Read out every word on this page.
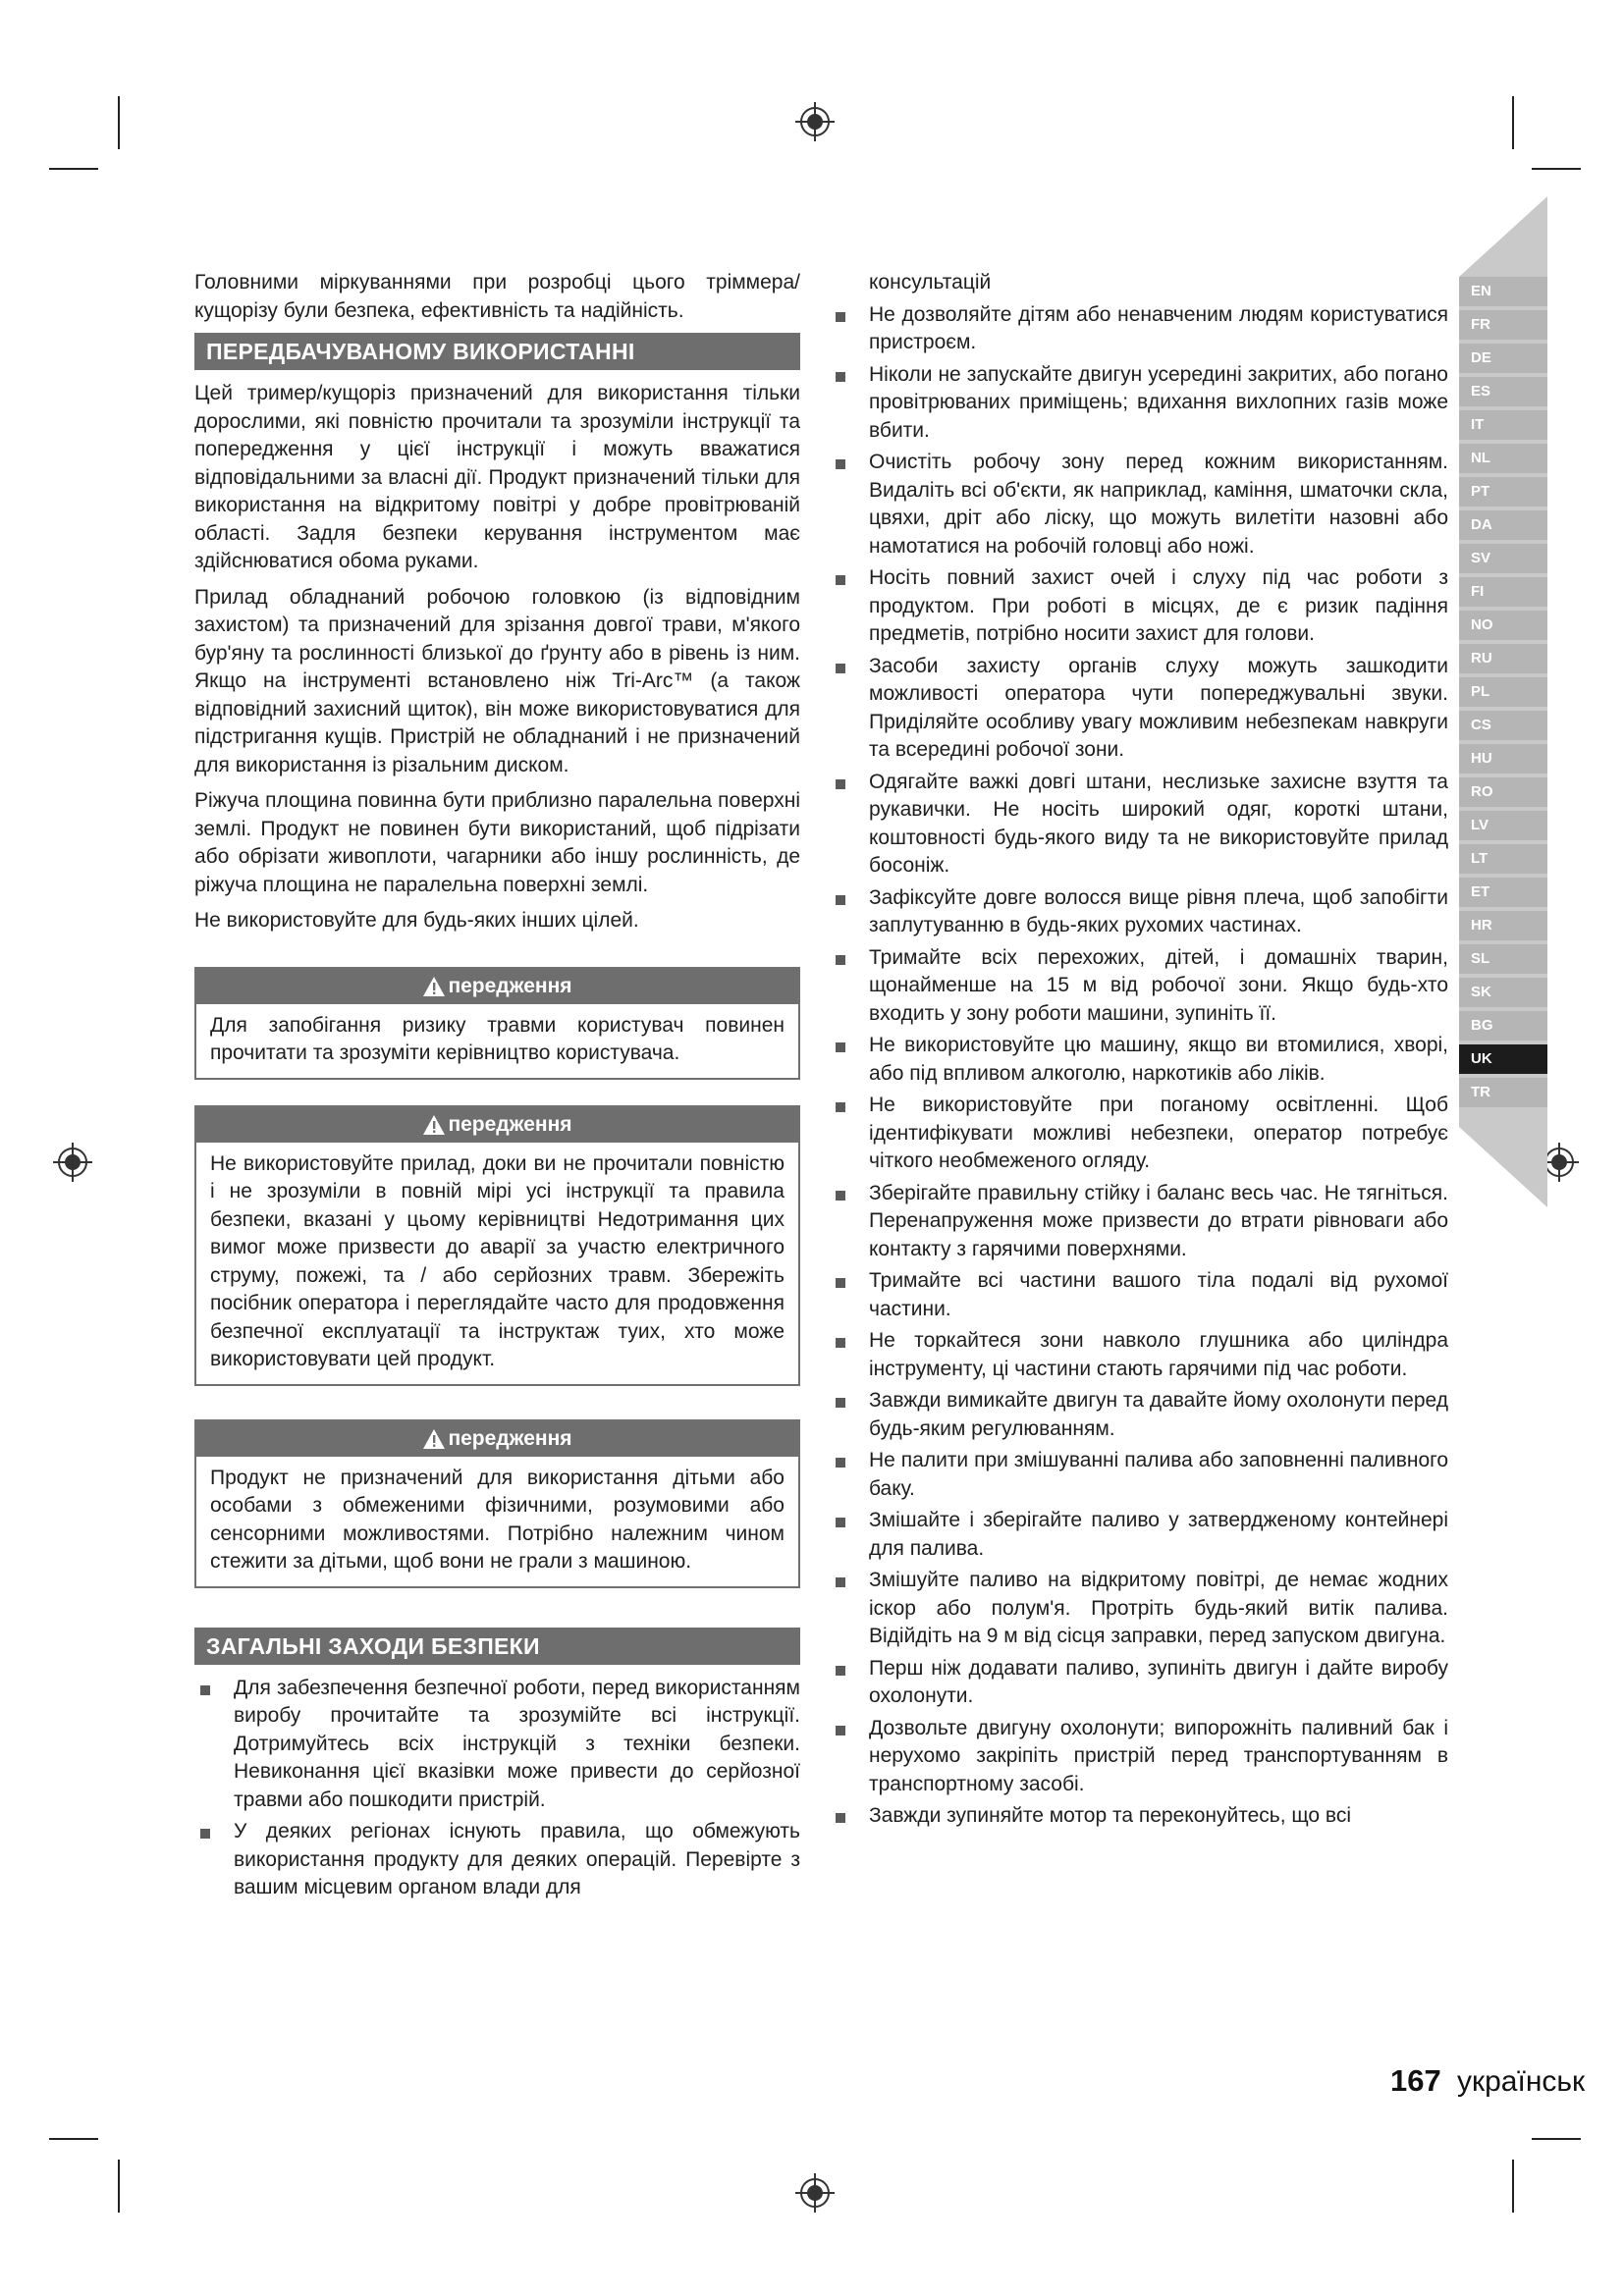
EN
FR
DE
ES
IT
NL
PT
DA
SV
FI
NO
RU
PL
CS
HU
RO
LV
LT
ET
HR
SL
SK
BG
UK
TR

Головними міркуваннями при розробці цього тріммера/кущорізу були безпека, ефективність та надійність.

ПЕРЕДБАЧУВАНОМУ ВИКОРИСТАННІ

Цей тример/кущоріз призначений для використання тільки дорослими, які повністю прочитали та зрозуміли інструкції та попередження у цієї інструкції і можуть вважатися відповідальними за власні дії. Продукт призначений тільки для використання на відкритому повітрі у добре провітрюваній області. Задля безпеки керування інструментом має здійснюватися обома руками.

Прилад обладнаний робочою головкою (із відповідним захистом) та призначений для зрізання довгої трави, м'якого бур'яну та рослинності близької до ґрунту або в рівень із ним. Якщо на інструменті встановлено ніж Tri-Arc™ (а також відповідний захисний щиток), він може використовуватися для підстригання кущів. Пристрій не обладнаний і не призначений для використання із різальним диском.

Ріжуча площина повинна бути приблизно паралельна поверхні землі. Продукт не повинен бути використаний, щоб підрізати або обрізати живоплоти, чагарники або іншу рослинність, де ріжуча площина не паралельна поверхні землі.

Не використовуйте для будь-яких інших цілей.

передження

Для запобігання ризику травми користувач повинен прочитати та зрозуміти керівництво користувача.

передження

Не використовуйте прилад, доки ви не прочитали повністю і не зрозуміли в повній мірі усі інструкції та правила безпеки, вказані у цьому керівництві Недотримання цих вимог може призвести до аварії за участю електричного струму, пожежі, та / або серйозних травм. Збережіть посібник оператора і переглядайте часто для продовження безпечної експлуатації та інструктаж туих, хто може використовувати цей продукт.

передження

Продукт не призначений для використання дітьми або особами з обмеженими фізичними, розумовими або сенсорними можливостями. Потрібно належним чином стежити за дітьми, щоб вони не грали з машиною.

ЗАГАЛЬНІ ЗАХОДИ БЕЗПЕКИ
Для забезпечення безпечної роботи, перед використанням виробу прочитайте та зрозумійте всі інструкції. Дотримуйтесь всіх інструкцій з техніки безпеки. Невиконання цієї вказівки може привести до серйозної травми або пошкодити пристрій.
У деяких регіонах існують правила, що обмежують використання продукту для деяких операцій. Перевірте з вашим місцевим органом влади для
консультацій
Не дозволяйте дітям або ненавченим людям користуватися пристроєм.
Ніколи не запускайте двигун усередині закритих, або погано провітрюваних приміщень; вдихання вихлопних газів може вбити.
Очистіть робочу зону перед кожним використанням. Видаліть всі об'єкти, як наприклад, каміння, шматочки скла, цвяхи, дріт або ліску, що можуть вилетіти назовні або намотатися на робочій головці або ножі.
Носіть повний захист очей і слуху під час роботи з продуктом. При роботі в місцях, де є ризик падіння предметів, потрібно носити захист для голови.
Засоби захисту органів слуху можуть зашкодити можливості оператора чути попереджувальні звуки. Приділяйте особливу увагу можливим небезпекам навкруги та всередині робочої зони.
Одягайте важкі довгі штани, неслизьке захисне взуття та рукавички. Не носіть широкий одяг, короткі штани, коштовності будь-якого виду та не використовуйте прилад босоніж.
Зафіксуйте довге волосся вище рівня плеча, щоб запобігти заплутуванню в будь-яких рухомих частинах.
Тримайте всіх перехожих, дітей, і домашніх тварин, щонайменше на 15 м від робочої зони. Якщо будь-хто входить у зону роботи машини, зупиніть її.
Не використовуйте цю машину, якщо ви втомилися, хворі, або під впливом алкоголю, наркотиків або ліків.
Не використовуйте при поганому освітленні. Щоб ідентифікувати можливі небезпеки, оператор потребує чіткого необмеженого огляду.
Зберігайте правильну стійку і баланс весь час. Не тягніться. Перенапруження може призвести до втрати рівноваги або контакту з гарячими поверхнями.
Тримайте всі частини вашого тіла подалі від рухомої частини.
Не торкайтеся зони навколо глушника або циліндра інструменту, ці частини стають гарячими під час роботи.
Завжди вимикайте двигун та давайте йому охолонути перед будь-яким регулюванням.
Не палити при змішуванні палива або заповненні паливного баку.
Змішайте і зберігайте паливо у затвердженому контейнері для палива.
Змішуйте паливо на відкритому повітрі, де немає жодних іскор або полум'я. Протріть будь-який витік палива. Відійдіть на 9 м від сісця заправки, перед запуском двигуна.
Перш ніж додавати паливо, зупиніть двигун і дайте виробу охолонути.
Дозвольте двигуну охолонути; випорожніть паливний бак і нерухомо закріпіть пристрій перед транспортуванням в транспортному засобі.
Завжди зупиняйте мотор та переконуйтесь, що всі
167 українськ
